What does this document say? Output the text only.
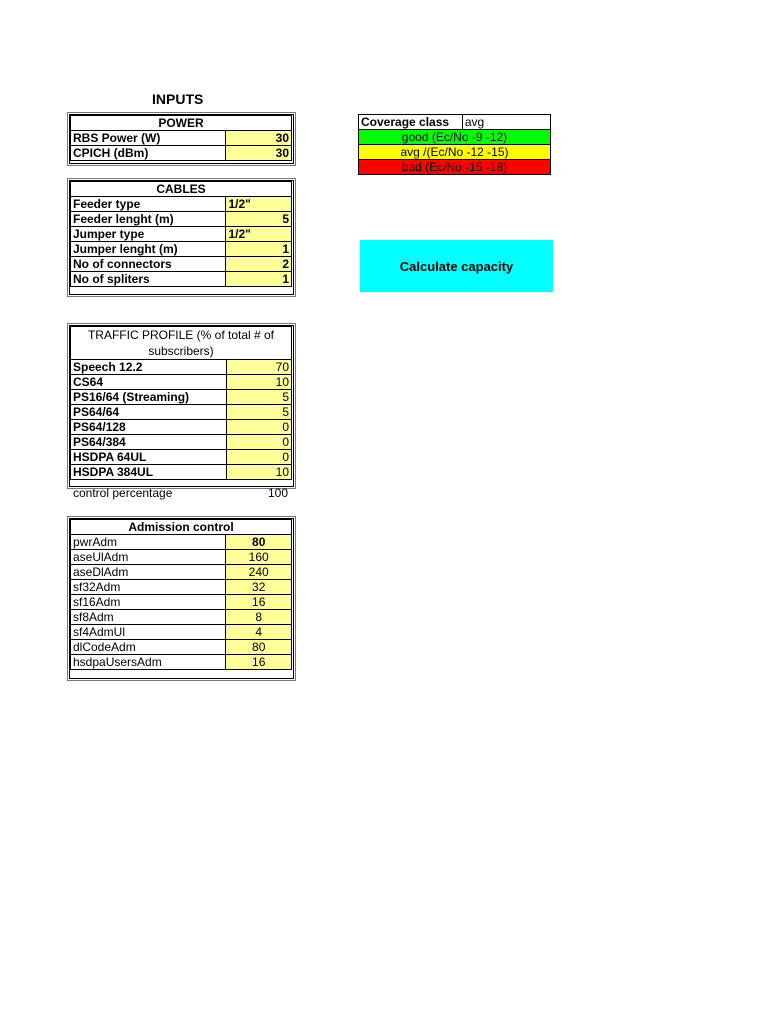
INPUTS
POWER	
RBS Power (W)	30
CPICH (dBm)	30
Coverage class	avg
good (Ec/No -9 -12)
avg /(Ec/No -12 -15)
bad (Ec/No -15 -18)
CABLES	
Feeder type	1/2"
Feeder lenght (m)	5
Jumper type	1/2"
Jumper lenght (m)	1
No of connectors	2
No of spliters	1
Calculate capacity
TRAFFIC PROFILE (% of total # of
subscribers)	

Speech 12.2	70
CS64	10
PS16/64 (Streaming)	5
PS64/64	5
PS64/128	0
PS64/384	0
HSDPA 64UL	0
HSDPA 384UL	10
control percentage	100
Admission control	
pwrAdm	80
aseUlAdm	160
aseDlAdm	240
sf32Adm	32
sf16Adm	16
sf8Adm	8
sf4AdmUl	4
dlCodeAdm	80
hsdpaUsersAdm	16
